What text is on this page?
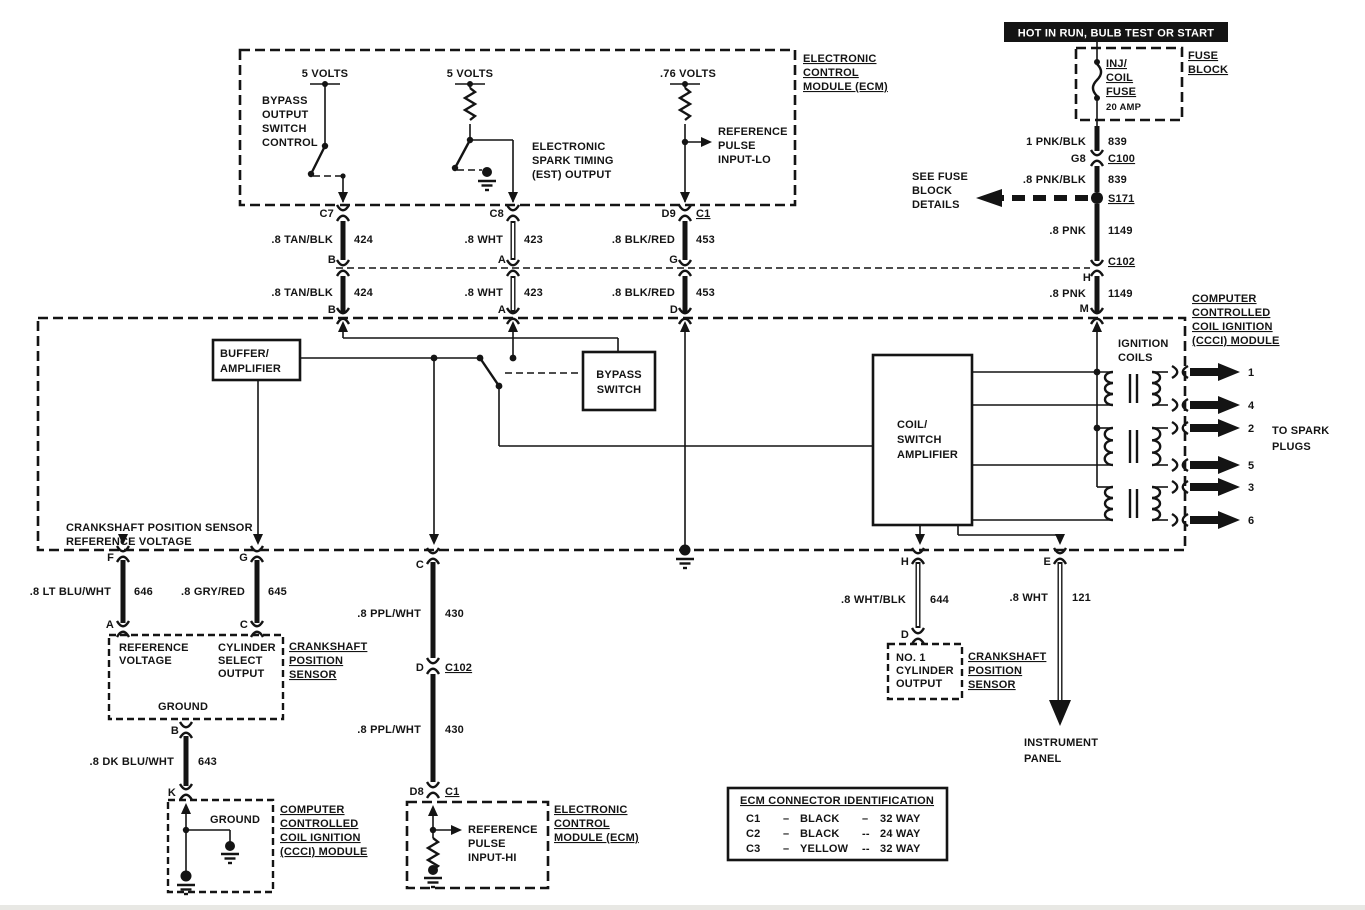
ELECTRONIC
CONTROL
MODULE (ECM)
5 VOLTS
BYPASS
OUTPUT
SWITCH
CONTROL
5 VOLTS
ELECTRONIC
SPARK TIMING
(EST) OUTPUT
.76 VOLTS
REFERENCE
PULSE
INPUT-LO
C7	C8	D9 C1
.8 TAN/BLK 424	.8 WHT 423	.8 BLK/RED 453
B	A	G
.8 TAN/BLK 424	.8 WHT 423	.8 BLK/RED 453
B	A	D
HOT IN RUN, BULB TEST OR START
FUSE
BLOCK
INJ/
COIL
FUSE
20 AMP
1 PNK/BLK 839
G8 C100
.8 PNK/BLK 839
S171
SEE FUSE
BLOCK
DETAILS
.8 PNK 1149
C102
H
.8 PNK 1149
M
COMPUTER
CONTROLLED
COIL IGNITION
(CCCI) MODULE
BUFFER/
AMPLIFIER	BYPASS
SWITCH
CRANKSHAFT POSITION SENSOR
REFERENCE VOLTAGE
COIL/
SWITCH
AMPLIFIER
IGNITION
COILS
1
4
2
5
3
6
TO SPARK
PLUGS
F	G
.8 LT BLU/WHT 646	.8 GRY/RED 645
A	C
REFERENCE
VOLTAGE
CYLINDER
SELECT
OUTPUT
GROUND
CRANKSHAFT
POSITION
SENSOR
B
.8 DK BLU/WHT 643
K
GROUND
COMPUTER
CONTROLLED
COIL IGNITION
(CCCI) MODULE
C
.8 PPL/WHT 430
D C102
.8 PPL/WHT 430
D8 C1
REFERENCE
PULSE
INPUT-HI
ELECTRONIC
CONTROL
MODULE (ECM)
H
.8 WHT/BLK 644
D
NO. 1
CYLINDER
OUTPUT
CRANKSHAFT
POSITION
SENSOR
E
.8 WHT 121
INSTRUMENT
PANEL
ECM CONNECTOR IDENTIFICATION
C1 – BLACK – 32 WAY
C2 – BLACK -- 24 WAY
C3 – YELLOW -- 32 WAY
